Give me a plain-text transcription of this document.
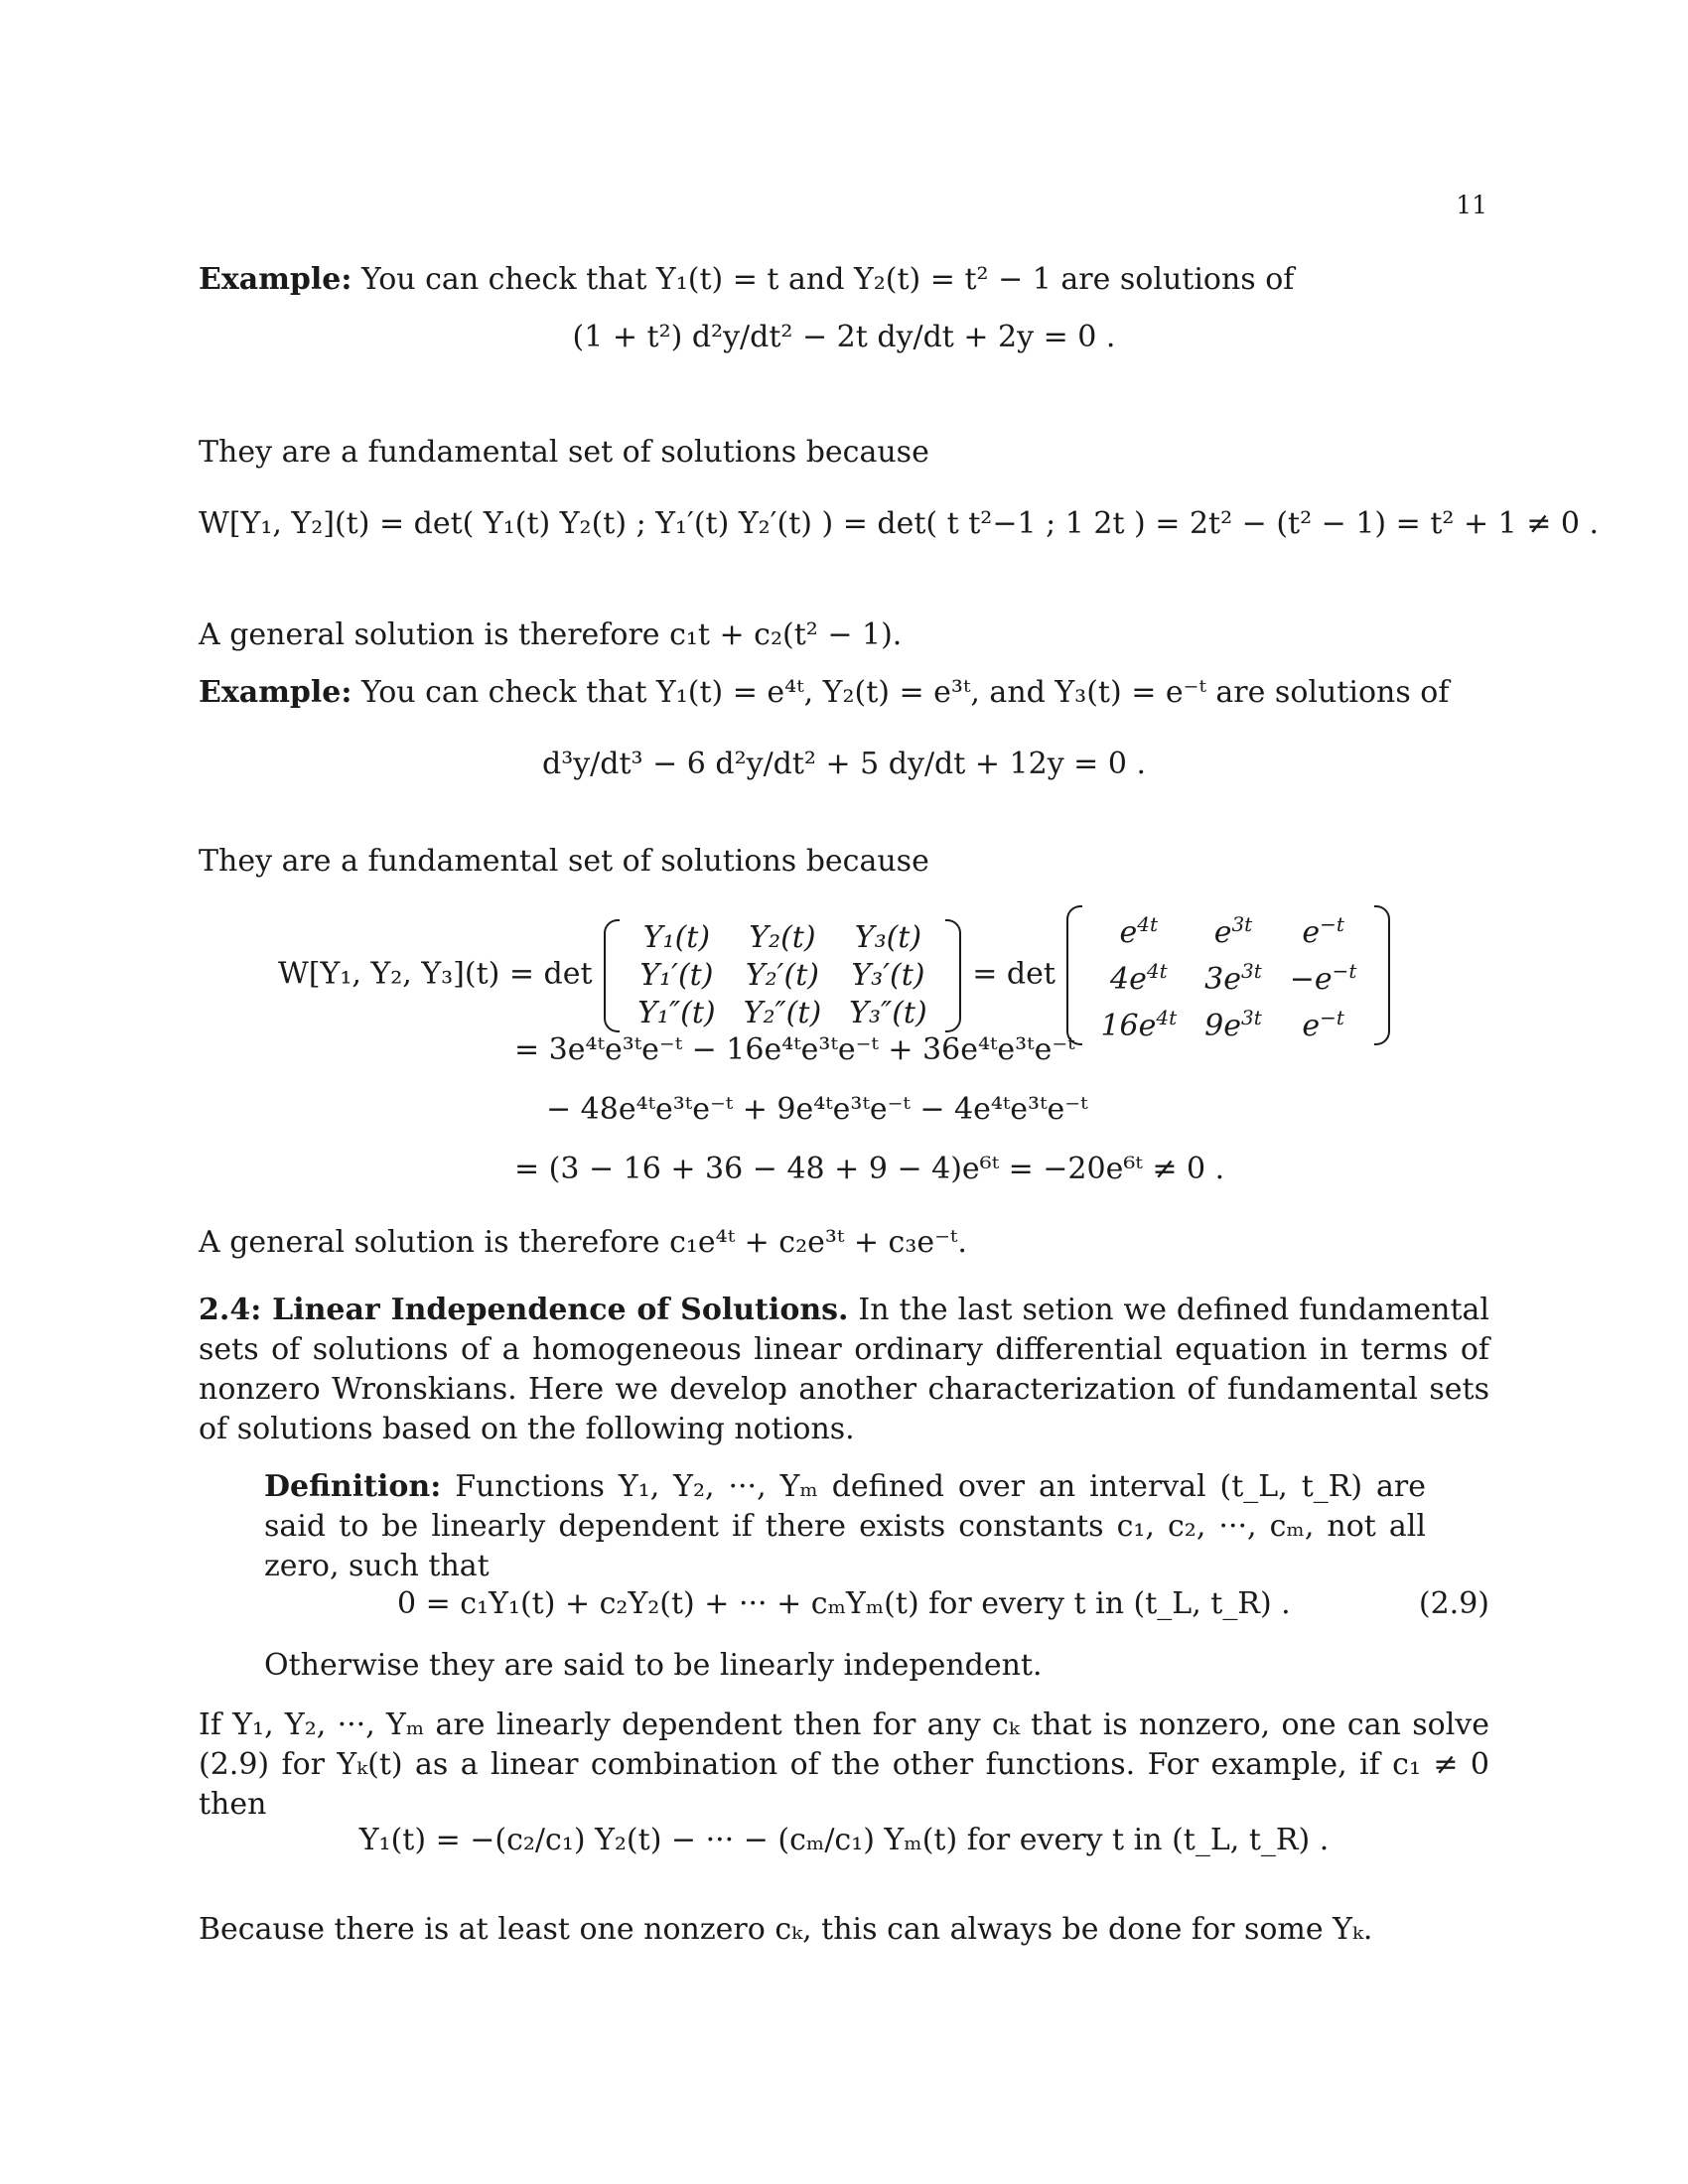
11
Example: You can check that Y₁(t) = t and Y₂(t) = t² − 1 are solutions of
(1 + t²) d²y/dt² − 2t dy/dt + 2y = 0 .
They are a fundamental set of solutions because
W[Y₁, Y₂](t) = det( Y₁(t) Y₂(t) ; Y₁′(t) Y₂′(t) ) = det( t t²−1 ; 1 2t ) = 2t² − (t² − 1) = t² + 1 ≠ 0 .
A general solution is therefore c₁t + c₂(t² − 1).
Example: You can check that Y₁(t) = e⁴ᵗ, Y₂(t) = e³ᵗ, and Y₃(t) = e⁻ᵗ are solutions of
d³y/dt³ − 6 d²y/dt² + 5 dy/dt + 12y = 0 .
They are a fundamental set of solutions because
W[Y₁, Y₂, Y₃](t) = det
Y₁(t)	Y₂(t)	Y₃(t)
Y₁′(t)	Y₂′(t)	Y₃′(t)
Y₁″(t)	Y₂″(t)	Y₃″(t)
= det
$e^{4t}$	$e^{3t}$	$e^{-t}$
$4e^{4t}$	$3e^{3t}$	$-e^{-t}$
$16e^{4t}$	$9e^{3t}$	$e^{-t}$
= 3e⁴ᵗe³ᵗe⁻ᵗ − 16e⁴ᵗe³ᵗe⁻ᵗ + 36e⁴ᵗe³ᵗe⁻ᵗ
− 48e⁴ᵗe³ᵗe⁻ᵗ + 9e⁴ᵗe³ᵗe⁻ᵗ − 4e⁴ᵗe³ᵗe⁻ᵗ
= (3 − 16 + 36 − 48 + 9 − 4)e⁶ᵗ = −20e⁶ᵗ ≠ 0 .
A general solution is therefore c₁e⁴ᵗ + c₂e³ᵗ + c₃e⁻ᵗ.
2.4: Linear Independence of Solutions. In the last setion we defined fundamental sets of solutions of a homogeneous linear ordinary differential equation in terms of nonzero Wronskians. Here we develop another characterization of fundamental sets of solutions based on the following notions.
Definition: Functions Y₁, Y₂, ···, Yₘ defined over an interval (t_L, t_R) are said to be linearly dependent if there exists constants c₁, c₂, ···, cₘ, not all zero, such that
0 = c₁Y₁(t) + c₂Y₂(t) + ··· + cₘYₘ(t) for every t in (t_L, t_R) .	(2.9)
Otherwise they are said to be linearly independent.
If Y₁, Y₂, ···, Yₘ are linearly dependent then for any cₖ that is nonzero, one can solve (2.9) for Yₖ(t) as a linear combination of the other functions. For example, if c₁ ≠ 0 then
Y₁(t) = −(c₂/c₁) Y₂(t) − ··· − (cₘ/c₁) Yₘ(t) for every t in (t_L, t_R) .
Because there is at least one nonzero cₖ, this can always be done for some Yₖ.
